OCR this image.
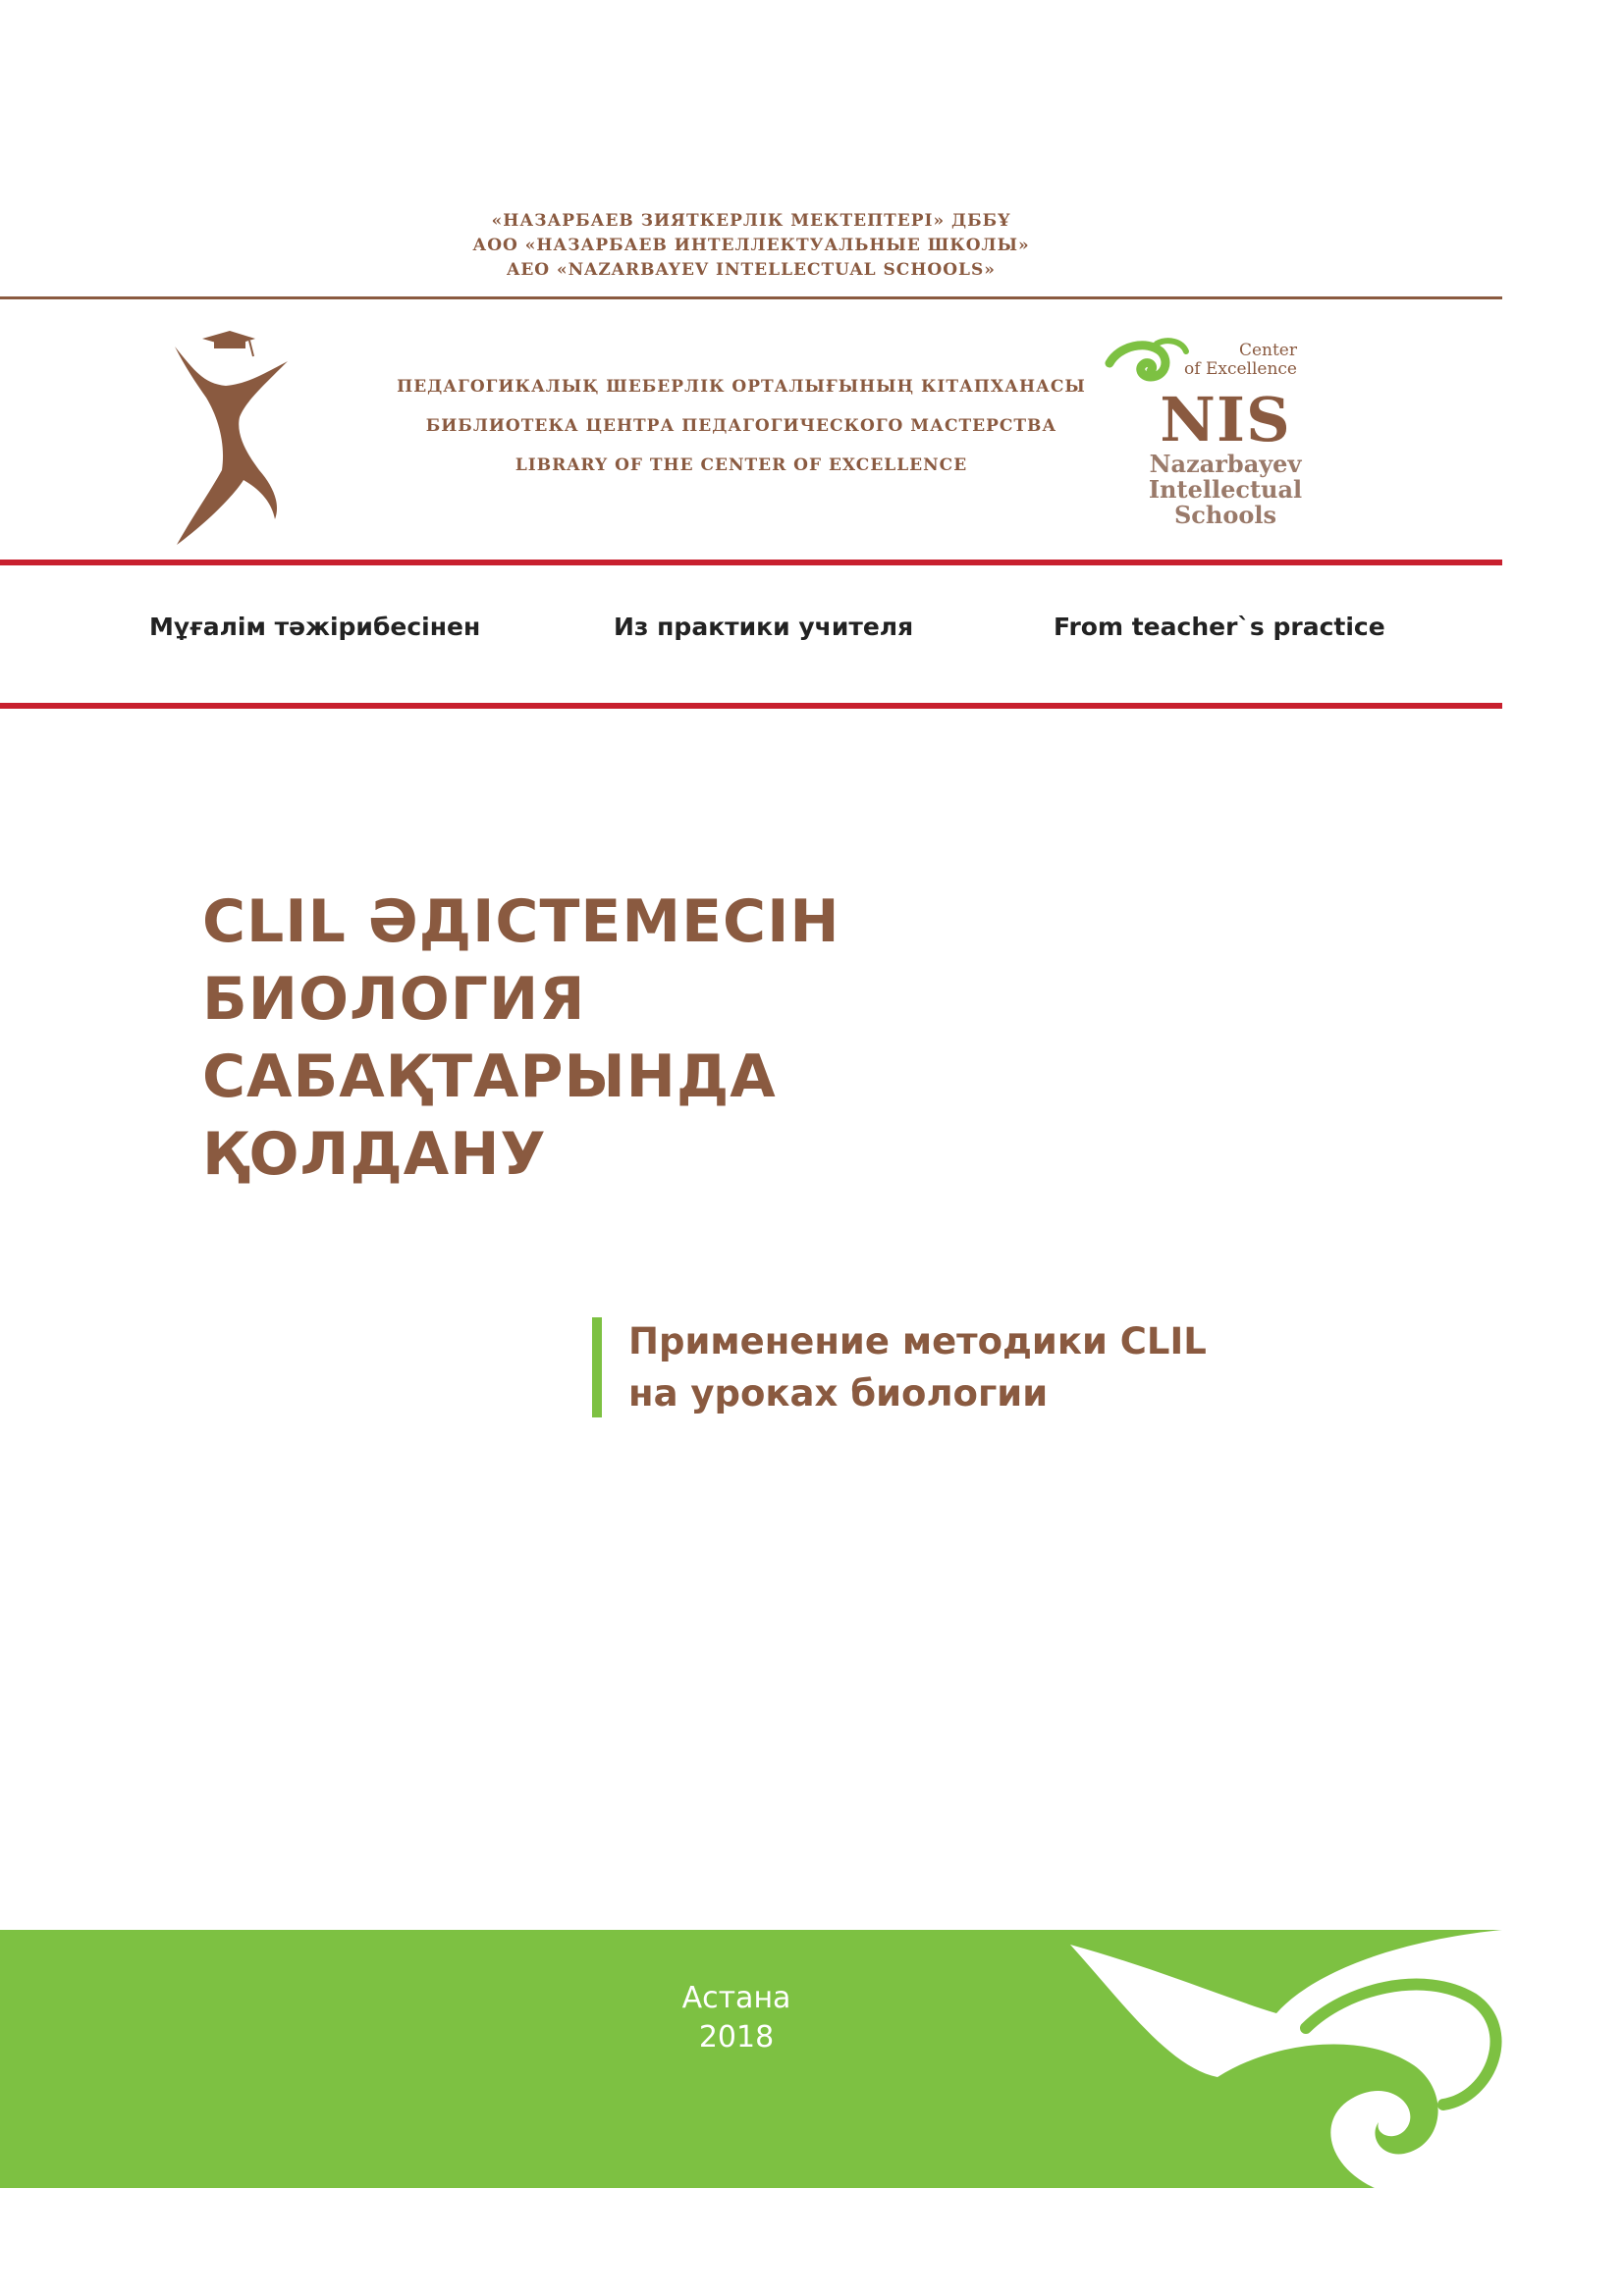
«НАЗАРБАЕВ ЗИЯТКЕРЛІК МЕКТЕПТЕРІ» ДББҰ
АОО «НАЗАРБАЕВ ИНТЕЛЛЕКТУАЛЬНЫЕ ШКОЛЫ»
AEO «NAZARBAYEV INTELLECTUAL SCHOOLS»
ПЕДАГОГИКАЛЫҚ ШЕБЕРЛІК ОРТАЛЫҒЫНЫҢ КІТАПХАНАСЫ
БИБЛИОТЕКА ЦЕНТРА ПЕДАГОГИЧЕСКОГО МАСТЕРСТВА
LIBRARY OF THE CENTER OF EXCELLENCE
Center
of Excellence
NIS
Nazarbayev
Intellectual
Schools
Мұғалім тәжірибесінен	Из практики учителя	From teacher`s practice
CLIL ӘДІСТЕМЕСІН
БИОЛОГИЯ
САБАҚТАРЫНДА
ҚОЛДАНУ
Применение методики CLIL
на уроках биологии
Астана
2018
